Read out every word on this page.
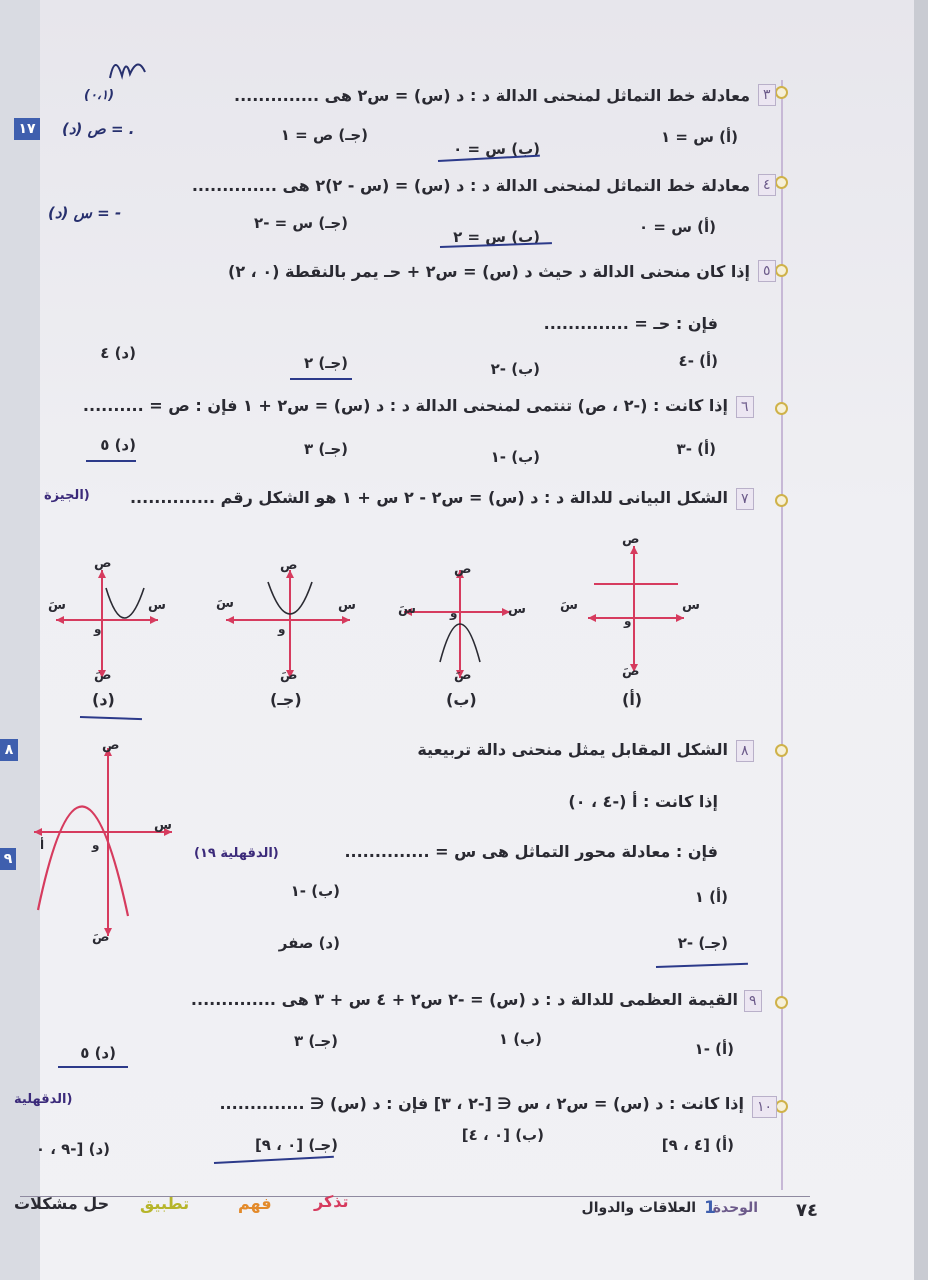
١٧
٨
٩
(٠،١)	٣
معادلة خط التماثل لمنحنى الدالة د : د (س) = س٢ هى ..............
(د) ص = .	(أ) س = ١
(ب) س = ٠
(جـ) ص = ١
٤
معادلة خط التماثل لمنحنى الدالة د : د (س) = (س - ٢)٢ هى ..............
(د) س = -
(أ) س = ٠
(ب) س = ٢
(جـ) س = -٢
٥
إذا كان منحنى الدالة د حيث د (س) = س٢ + حـ يمر بالنقطة (٠ ، ٢)
فإن : حـ = ..............
(أ) -٤
(ب) -٢
(جـ) ٢
(د) ٤
٦
إذا كانت : (-٢ ، ص) تنتمى لمنحنى الدالة د : د (س) = س٢ + ١ فإن : ص = ..........
(أ) -٣
(ب) -١
(جـ) ٣
(د) ٥
٧
الشكل البيانى للدالة د : د (س) = س٢ - ٢ س + ١ هو الشكل رقم ..............
(الجيزة
سَ	س
ص
صَ
و
(أ)
سَ	س
ص
صَ
و
(ب)
سَ	س
ص
صَ
و
(جـ)
سَ	س
ص
صَ
و
(د)
٨
الشكل المقابل يمثل منحنى دالة تربيعية
إذا كانت : أ (-٤ ، ٠)
فإن : معادلة محور التماثل هى س = ..............
(الدقهلية ١٩)
ص
س
صَ
و
أ
(أ) ١
(ب) -١
(جـ) -٢
(د) صفر
٩
القيمة العظمى للدالة د : د (س) = -٢ س٢ + ٤ س + ٣ هى ..............
(أ) -١
(ب) ١
(جـ) ٣
(د) ٥
١٠
إذا كانت : د (س) = س٢ ، س ∈ [-٢ ، ٣] فإن : د (س) ∈ ..............
(الدقهلية
(أ) [٤ ، ٩]
(ب) [٠ ، ٤]
(جـ) [٠ ، ٩]
(د) [-٩ ، ٠
٧٤
الوحدة
1
العلاقات والدوال
تذكر
فهم
تطبيق
حل مشكلات
